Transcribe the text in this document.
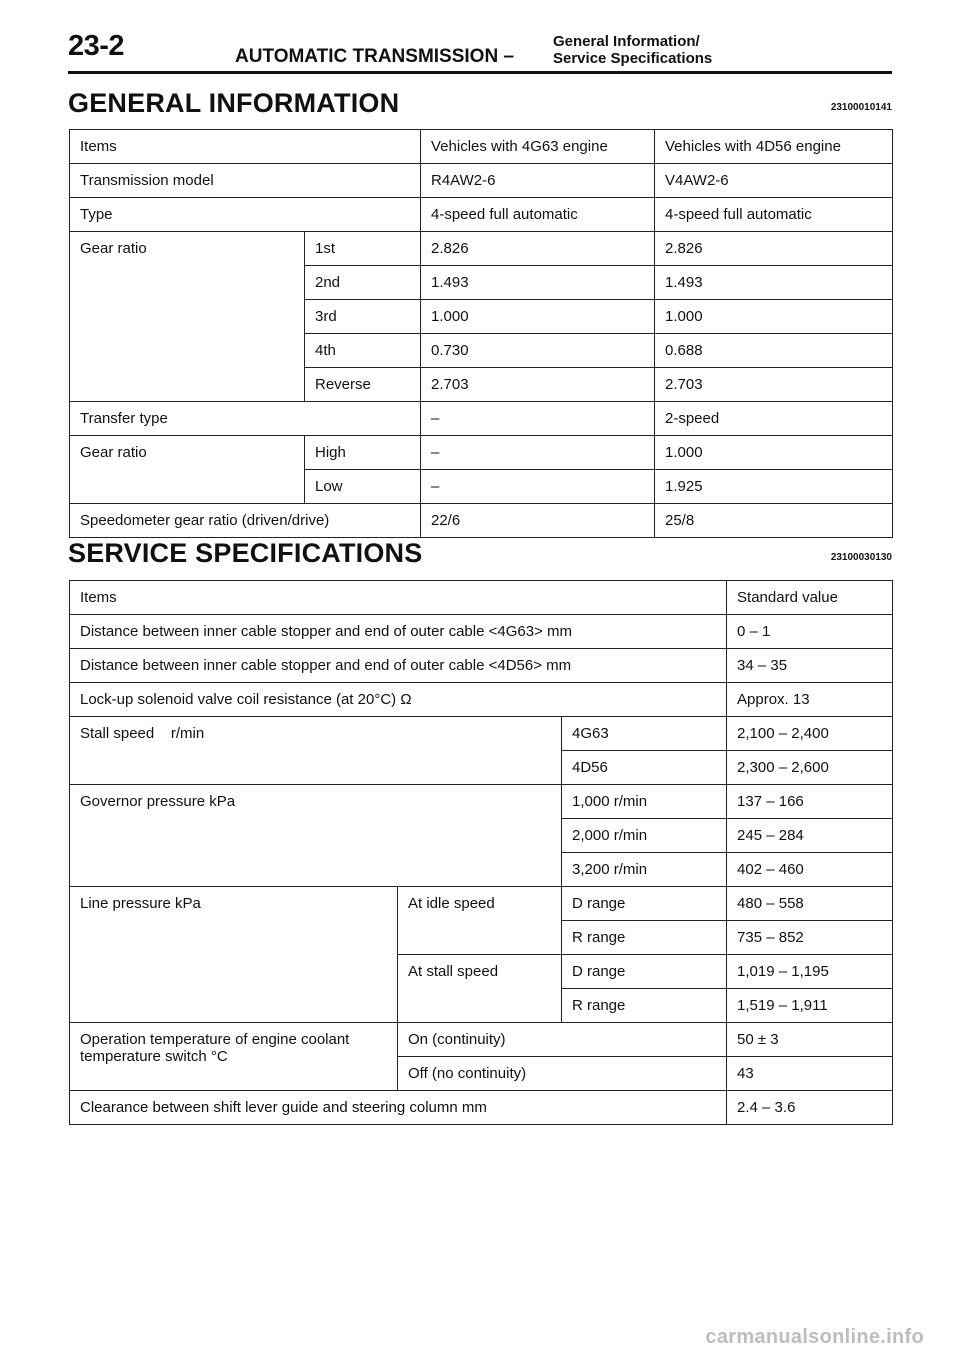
23-2	AUTOMATIC TRANSMISSION –
General Information/
Service Specifications
GENERAL INFORMATION	23100010141
Items		Vehicles with 4G63 engine	Vehicles with 4D56 engine
Transmission model		R4AW2-6	V4AW2-6
Type		4-speed full automatic	4-speed full automatic
Gear ratio	1st	2.826	2.826
	2nd	1.493	1.493
	3rd	1.000	1.000
	4th	0.730	0.688
	Reverse	2.703	2.703
Transfer type		–	2-speed
Gear ratio	High	–	1.000
	Low	–	1.925
Speedometer gear ratio (driven/drive)		22/6	25/8
SERVICE SPECIFICATIONS	23100030130
Items			Standard value
Distance between inner cable stopper and end of outer cable <4G63> mm			0 – 1
Distance between inner cable stopper and end of outer cable <4D56> mm			34 – 35
Lock-up solenoid valve coil resistance (at 20°C) Ω			Approx. 13
Stall speed    r/min		4G63	2,100 – 2,400
		4D56	2,300 – 2,600
Governor pressure kPa		1,000 r/min	137 – 166
		2,000 r/min	245 – 284
		3,200 r/min	402 – 460
Line pressure kPa	At idle speed	D range	480 – 558
		R range	735 – 852
	At stall speed	D range	1,019 – 1,195
		R range	1,519 – 1,911
Operation temperature of engine coolant temperature switch °C	On (continuity)		50 ± 3
	Off (no continuity)		43
Clearance between shift lever guide and steering column mm			2.4 – 3.6
carmanualsonline.info
